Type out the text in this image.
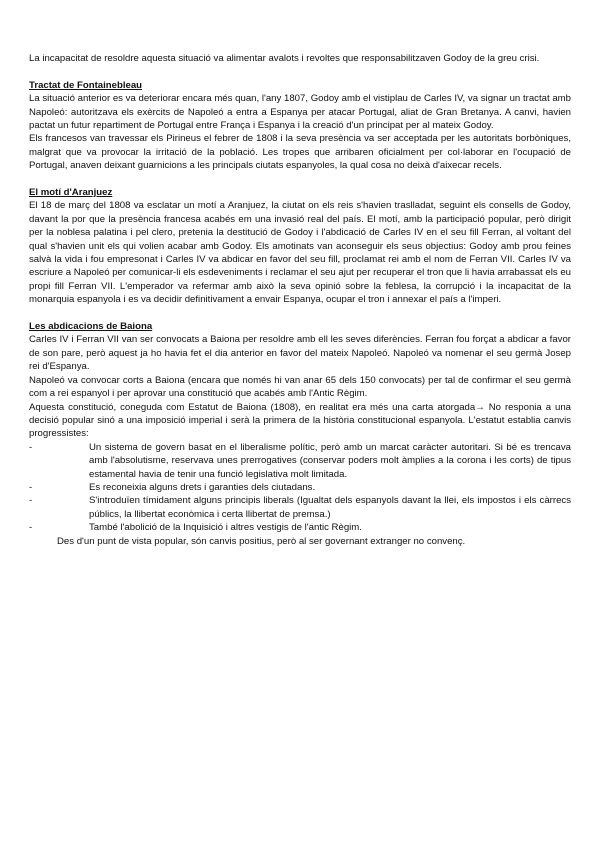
La incapacitat de resoldre aquesta situació va alimentar avalots i revoltes que responsabilitzaven Godoy de la greu crisi.

Tractat de Fontainebleau

La situació anterior es va deteriorar encara més quan, l'any 1807, Godoy amb el vistiplau de Carles IV, va signar un tractat amb Napoleó: autoritzava els exèrcits de Napoleó a entra a Espanya per atacar Portugal, aliat de Gran Bretanya. A canvi, havien pactat un futur repartiment de Portugal entre França i Espanya i la creació d'un principat per al mateix Godoy.

Els francesos van travessar els Pirineus el febrer de 1808 i la seva presència va ser acceptada per les autoritats borbòniques, malgrat que va provocar la irritació de la població. Les tropes que arribaren oficialment per col·laborar en l'ocupació de Portugal, anaven deixant guarnicions a les principals ciutats espanyoles, la qual cosa no deixà d'aixecar recels.

El motí d'Aranjuez

El 18 de març del 1808 va esclatar un motí a Aranjuez, la ciutat on els reis s'havien traslladat, seguint els consells de Godoy, davant la por que la presència francesa acabés em una invasió real del país. El motí, amb la participació popular, però dirigit per la noblesa palatina i pel clero, pretenia la destitució de Godoy i l'abdicació de Carles IV en el seu fill Ferran, al voltant del qual s'havien unit els qui volien acabar amb Godoy. Els amotinats van aconseguir els seus objectius: Godoy amb prou feines salvà la vida i fou empresonat i Carles IV va abdicar en favor del seu fill, proclamat rei amb el nom de Ferran VII. Carles IV va escriure a Napoleó per comunicar-li els esdeveniments i reclamar el seu ajut per recuperar el tron que li havia arrabassat els eu propi fill Ferran VII. L'emperador va refermar amb això la seva opinió sobre la feblesa, la corrupció i la incapacitat de la monarquia espanyola i es va decidir definitivament a envair Espanya, ocupar el tron i annexar el país a l'imperi.

Les abdicacions de Baiona

Carles IV i Ferran VII van ser convocats a Baiona per resoldre amb ell les seves diferències. Ferran fou forçat a abdicar a favor de son pare, però aquest ja ho havia fet el dia anterior en favor del mateix Napoleó. Napoleó va nomenar el seu germà Josep rei d'Espanya.

Napoleó va convocar corts a Baiona (encara que només hi van anar 65 dels 150 convocats) per tal de confirmar el seu germà com a rei espanyol i per aprovar una constitució que acabés amb l'Antic Règim.

Aquesta constitució, coneguda com Estatut de Baiona (1808), en realitat era més una carta atorgada→ No responia a una decisió popular sinó a una imposició imperial i serà la primera de la història constitucional espanyola. L'estatut establia canvis progressistes:

-	Un sistema de govern basat en el liberalisme polític, però amb un marcat caràcter autoritari. Si bé es trencava amb l'absolutisme, reservava unes prerrogatives (conservar poders molt àmplies a la corona i les corts) de tipus estamental havia de tenir una funció legislativa molt limitada.
-	Es reconeixia alguns drets i garanties dels ciutadans.
-	S'introduïen tímidament alguns principis liberals (Igualtat dels espanyols davant la llei, els impostos i els càrrecs públics, la llibertat econòmica i certa llibertat de premsa.)
-	També l'abolició de la Inquisició i altres vestigis de l'antic Règim.

Des d'un punt de vista popular, són canvis positius, però al ser governant extranger no convenç.
